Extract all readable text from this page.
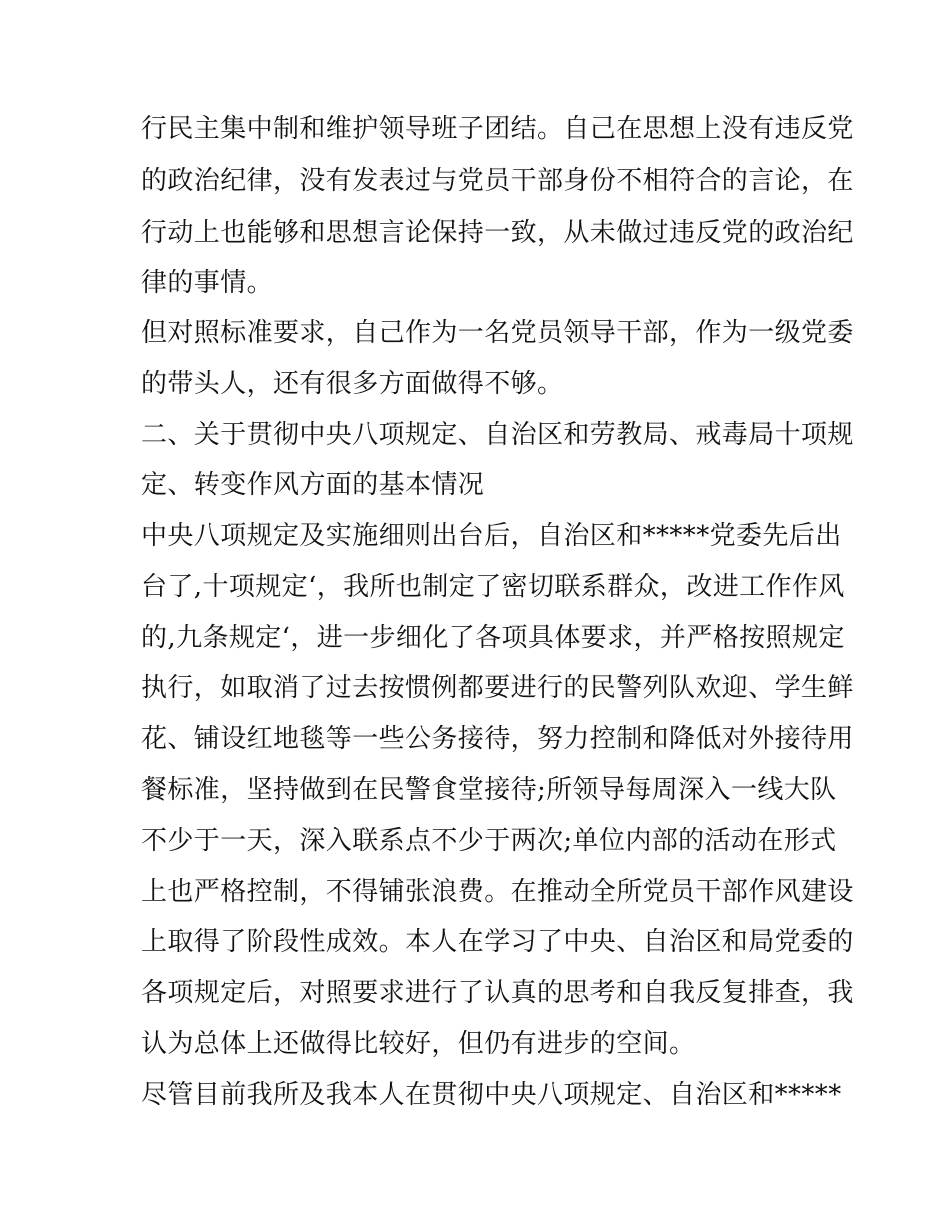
行民主集中制和维护领导班子团结。自己在思想上没有违反党
的政治纪律，没有发表过与党员干部身份不相符合的言论，在
行动上也能够和思想言论保持一致，从未做过违反党的政治纪
律的事情。
但对照标准要求，自己作为一名党员领导干部，作为一级党委
的带头人，还有很多方面做得不够。
二、关于贯彻中央八项规定、自治区和劳教局、戒毒局十项规
定、转变作风方面的基本情况
中央八项规定及实施细则出台后，自治区和*****党委先后出
台了,十项规定‘，我所也制定了密切联系群众，改进工作作风
的,九条规定‘，进一步细化了各项具体要求，并严格按照规定
执行，如取消了过去按惯例都要进行的民警列队欢迎、学生鲜
花、铺设红地毯等一些公务接待，努力控制和降低对外接待用
餐标准，坚持做到在民警食堂接待;所领导每周深入一线大队
不少于一天，深入联系点不少于两次;单位内部的活动在形式
上也严格控制，不得铺张浪费。在推动全所党员干部作风建设
上取得了阶段性成效。本人在学习了中央、自治区和局党委的
各项规定后，对照要求进行了认真的思考和自我反复排查，我
认为总体上还做得比较好，但仍有进步的空间。
尽管目前我所及我本人在贯彻中央八项规定、自治区和*****
